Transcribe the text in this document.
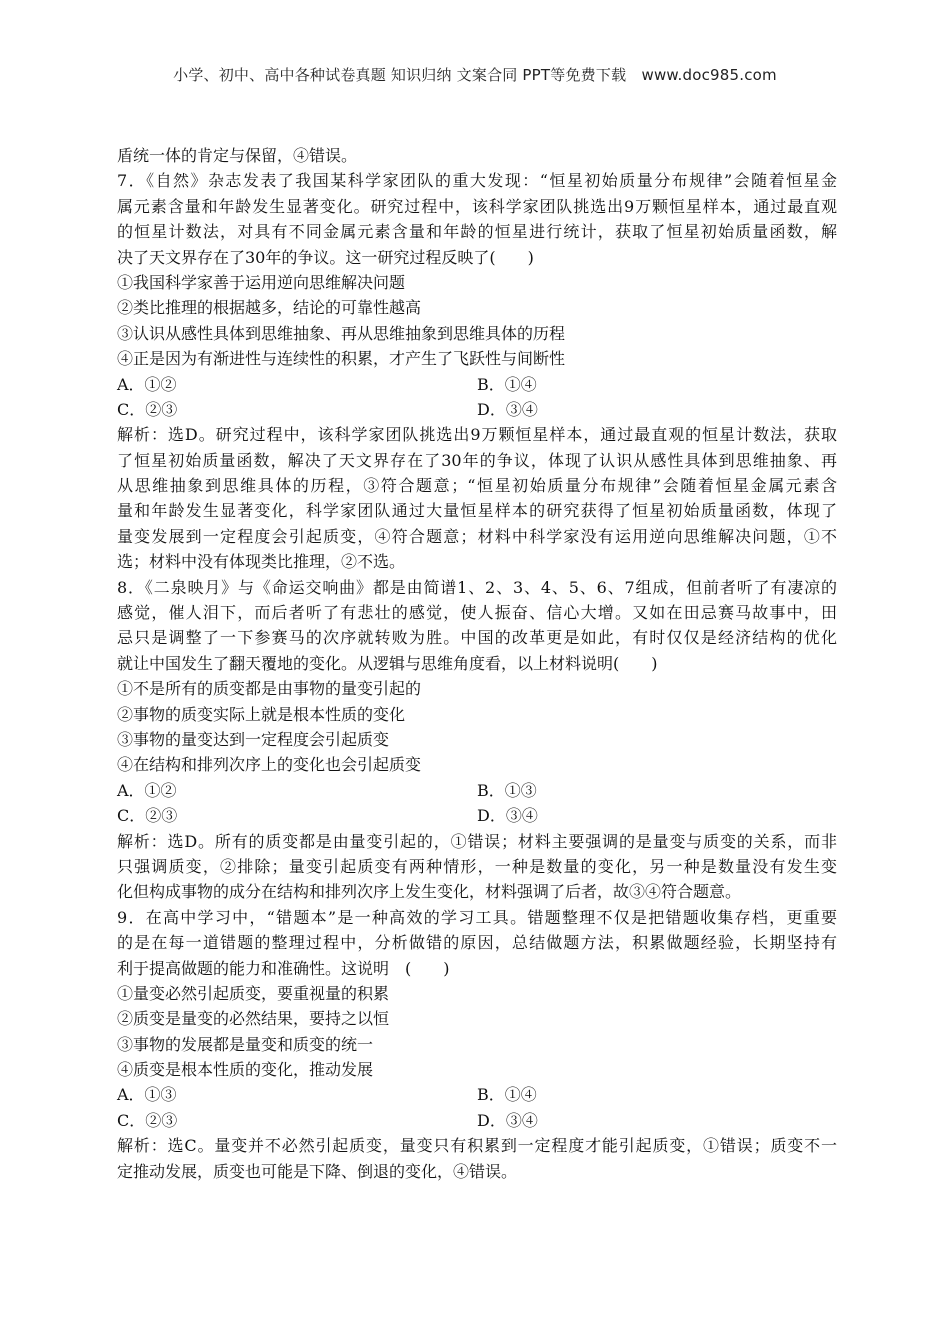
小学、初中、高中各种试卷真题 知识归纳 文案合同 PPT等免费下载　www.doc985.com
盾统一体的肯定与保留，④错误。
7．《自然》杂志发表了我国某科学家团队的重大发现：“恒星初始质量分布规律”会随着恒星金
属元素含量和年龄发生显著变化。研究过程中，该科学家团队挑选出9万颗恒星样本，通过最直观
的恒星计数法，对具有不同金属元素含量和年龄的恒星进行统计，获取了恒星初始质量函数，解
决了天文界存在了30年的争议。这一研究过程反映了(　　)
①我国科学家善于运用逆向思维解决问题
②类比推理的根据越多，结论的可靠性越高
③认识从感性具体到思维抽象、再从思维抽象到思维具体的历程
④正是因为有渐进性与连续性的积累，才产生了飞跃性与间断性
A．①②	B．①④
C．②③	D．③④
解析：选D。研究过程中，该科学家团队挑选出9万颗恒星样本，通过最直观的恒星计数法，获取
了恒星初始质量函数，解决了天文界存在了30年的争议，体现了认识从感性具体到思维抽象、再
从思维抽象到思维具体的历程，③符合题意；“恒星初始质量分布规律”会随着恒星金属元素含
量和年龄发生显著变化，科学家团队通过大量恒星样本的研究获得了恒星初始质量函数，体现了
量变发展到一定程度会引起质变，④符合题意；材料中科学家没有运用逆向思维解决问题，①不
选；材料中没有体现类比推理，②不选。
8．《二泉映月》与《命运交响曲》都是由简谱1、2、3、4、5、6、7组成，但前者听了有凄凉的
感觉，催人泪下，而后者听了有悲壮的感觉，使人振奋、信心大增。又如在田忌赛马故事中，田
忌只是调整了一下参赛马的次序就转败为胜。中国的改革更是如此，有时仅仅是经济结构的优化
就让中国发生了翻天覆地的变化。从逻辑与思维角度看，以上材料说明(　　)
①不是所有的质变都是由事物的量变引起的
②事物的质变实际上就是根本性质的变化
③事物的量变达到一定程度会引起质变
④在结构和排列次序上的变化也会引起质变
A．①②	B．①③
C．②③	D．③④
解析：选D。所有的质变都是由量变引起的，①错误；材料主要强调的是量变与质变的关系，而非
只强调质变，②排除；量变引起质变有两种情形，一种是数量的变化，另一种是数量没有发生变
化但构成事物的成分在结构和排列次序上发生变化，材料强调了后者，故③④符合题意。
9．在高中学习中，“错题本”是一种高效的学习工具。错题整理不仅是把错题收集存档，更重要
的是在每一道错题的整理过程中，分析做错的原因，总结做题方法，积累做题经验，长期坚持有
利于提高做题的能力和准确性。这说明　(　　)
①量变必然引起质变，要重视量的积累
②质变是量变的必然结果，要持之以恒
③事物的发展都是量变和质变的统一
④质变是根本性质的变化，推动发展
A．①③	B．①④
C．②③	D．③④
解析：选C。量变并不必然引起质变，量变只有积累到一定程度才能引起质变，①错误；质变不一
定推动发展，质变也可能是下降、倒退的变化，④错误。
